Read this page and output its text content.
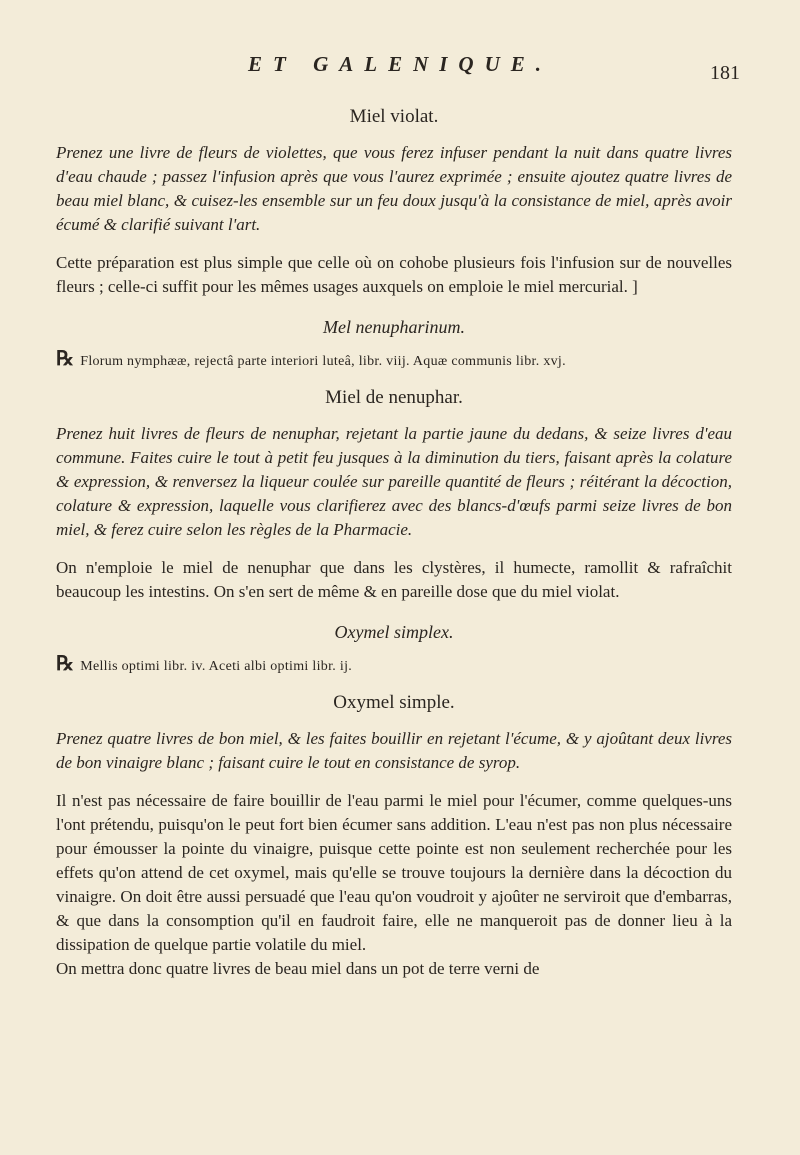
ET GALENIQUE.	181
Miel violat.

Prenez une livre de fleurs de violettes, que vous ferez infuser pendant la nuit dans quatre livres d'eau chaude ; passez l'infusion après que vous l'aurez exprimée ; ensuite ajoutez quatre livres de beau miel blanc, & cuisez-les ensemble sur un feu doux jusqu'à la consistance de miel, après avoir écumé & clarifié suivant l'art.

Cette préparation est plus simple que celle où on cohobe plusieurs fois l'infusion sur de nouvelles fleurs ; celle-ci suffit pour les mêmes usages auxquels on emploie le miel mercurial. ]

Mel nenupharinum.

℞ Florum nymphææ, rejectâ parte interiori luteâ, libr. viij. Aquæ communis libr. xvj.

Miel de nenuphar.

Prenez huit livres de fleurs de nenuphar, rejetant la partie jaune du dedans, & seize livres d'eau commune. Faites cuire le tout à petit feu jusques à la diminution du tiers, faisant après la colature & expression, & renversez la liqueur coulée sur pareille quantité de fleurs ; réitérant la décoction, colature & expression, laquelle vous clarifierez avec des blancs-d'œufs parmi seize livres de bon miel, & ferez cuire selon les règles de la Pharmacie.

On n'emploie le miel de nenuphar que dans les clystères, il humecte, ramollit & rafraîchit beaucoup les intestins. On s'en sert de même & en pareille dose que du miel violat.

Oxymel simplex.

℞ Mellis optimi libr. iv. Aceti albi optimi libr. ij.

Oxymel simple.

Prenez quatre livres de bon miel, & les faites bouillir en rejetant l'écume, & y ajoûtant deux livres de bon vinaigre blanc ; faisant cuire le tout en consistance de syrop.

Il n'est pas nécessaire de faire bouillir de l'eau parmi le miel pour l'écumer, comme quelques-uns l'ont prétendu, puisqu'on le peut fort bien écumer sans addition. L'eau n'est pas non plus nécessaire pour émousser la pointe du vinaigre, puisque cette pointe est non seulement recherchée pour les effets qu'on attend de cet oxymel, mais qu'elle se trouve toujours la dernière dans la décoction du vinaigre. On doit être aussi persuadé que l'eau qu'on voudroit y ajoûter ne serviroit que d'embarras, & que dans la consomption qu'il en faudroit faire, elle ne manqueroit pas de donner lieu à la dissipation de quelque partie volatile du miel.

On mettra donc quatre livres de beau miel dans un pot de terre verni de
